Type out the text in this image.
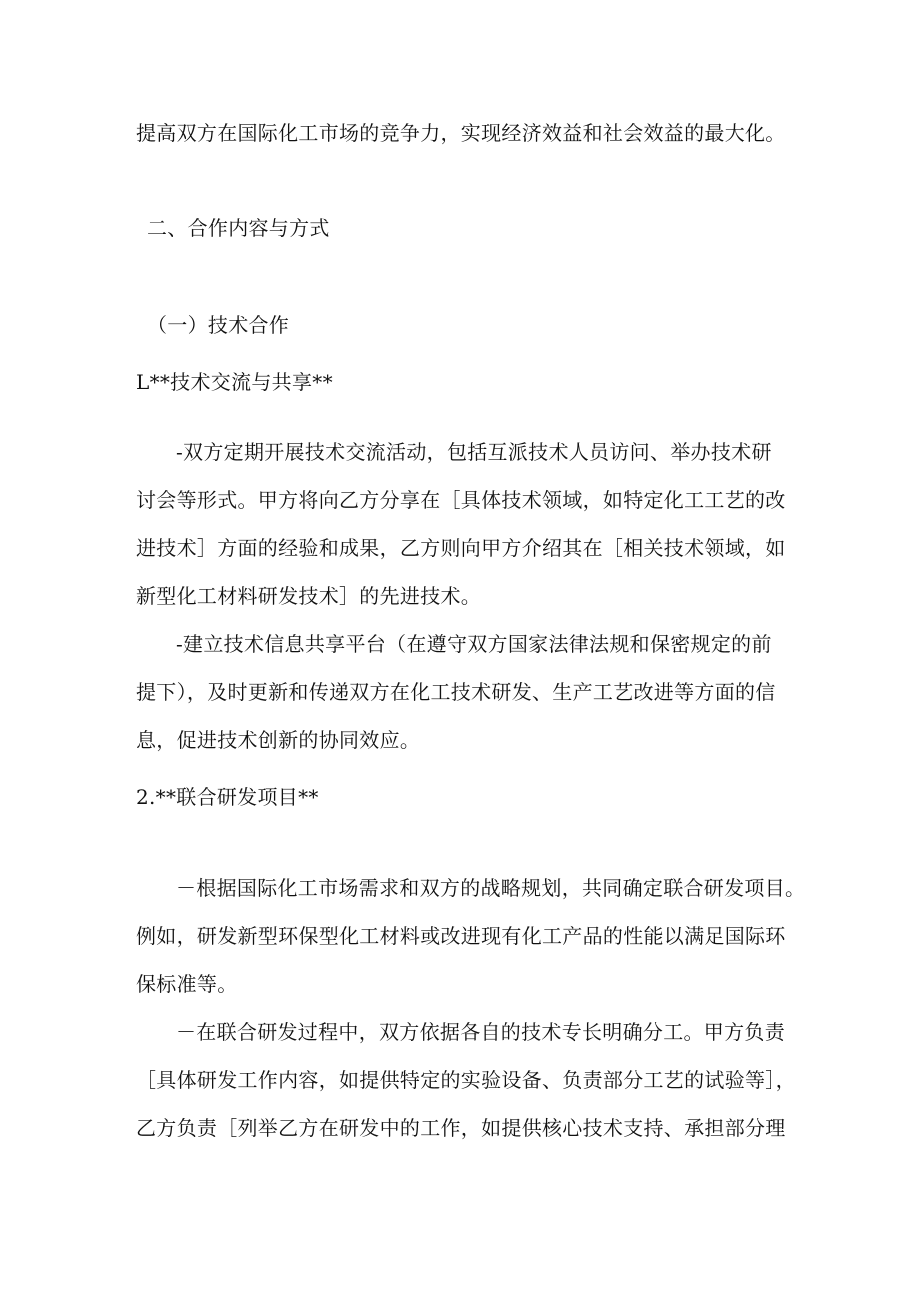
提高双方在国际化工市场的竞争力，实现经济效益和社会效益的最大化。
二、合作内容与方式
（一）技术合作
L**技术交流与共享**
-双方定期开展技术交流活动，包括互派技术人员访问、举办技术研
讨会等形式。甲方将向乙方分享在［具体技术领域，如特定化工工艺的改
进技术］方面的经验和成果，乙方则向甲方介绍其在［相关技术领域，如
新型化工材料研发技术］的先进技术。
-建立技术信息共享平台（在遵守双方国家法律法规和保密规定的前
提下），及时更新和传递双方在化工技术研发、生产工艺改进等方面的信
息，促进技术创新的协同效应。
2.**联合研发项目**
－根据国际化工市场需求和双方的战略规划，共同确定联合研发项目。
例如，研发新型环保型化工材料或改进现有化工产品的性能以满足国际环
保标准等。
－在联合研发过程中，双方依据各自的技术专长明确分工。甲方负责
［具体研发工作内容，如提供特定的实验设备、负责部分工艺的试验等］，
乙方负责［列举乙方在研发中的工作，如提供核心技术支持、承担部分理
